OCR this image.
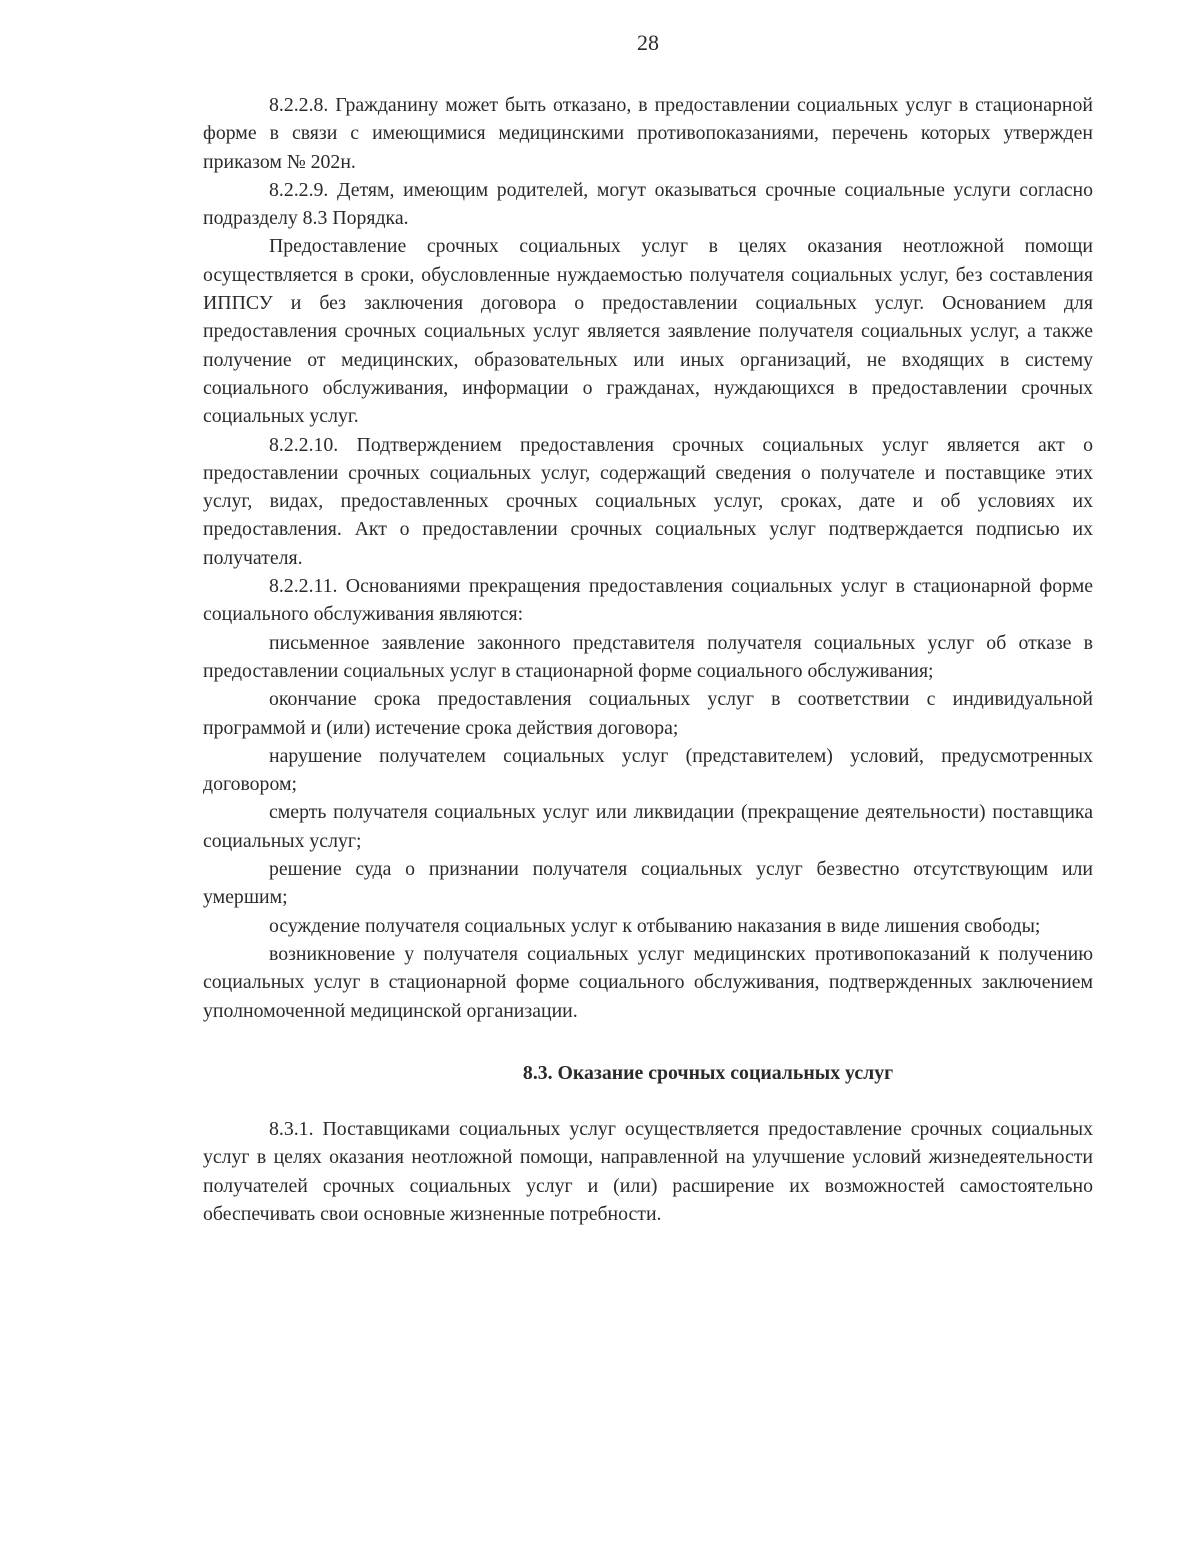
28

8.2.2.8. Гражданину может быть отказано, в предоставлении социальных услуг в стационарной форме в связи с имеющимися медицинскими противопоказаниями, перечень которых утвержден приказом № 202н.

8.2.2.9. Детям, имеющим родителей, могут оказываться срочные социальные услуги согласно подразделу 8.3 Порядка.

Предоставление срочных социальных услуг в целях оказания неотложной помощи осуществляется в сроки, обусловленные нуждаемостью получателя социальных услуг, без составления ИППСУ и без заключения договора о предоставлении социальных услуг. Основанием для предоставления срочных социальных услуг является заявление получателя социальных услуг, а также получение от медицинских, образовательных или иных организаций, не входящих в систему социального обслуживания, информации о гражданах, нуждающихся в предоставлении срочных социальных услуг.

8.2.2.10. Подтверждением предоставления срочных социальных услуг является акт о предоставлении срочных социальных услуг, содержащий сведения о получателе и поставщике этих услуг, видах, предоставленных срочных социальных услуг, сроках, дате и об условиях их предоставления. Акт о предоставлении срочных социальных услуг подтверждается подписью их получателя.

8.2.2.11. Основаниями прекращения предоставления социальных услуг в стационарной форме социального обслуживания являются:

письменное заявление законного представителя получателя социальных услуг об отказе в предоставлении социальных услуг в стационарной форме социального обслуживания;

окончание срока предоставления социальных услуг в соответствии с индивидуальной программой и (или) истечение срока действия договора;

нарушение получателем социальных услуг (представителем) условий, предусмотренных договором;

смерть получателя социальных услуг или ликвидации (прекращение деятельности) поставщика социальных услуг;

решение суда о признании получателя социальных услуг безвестно отсутствующим или умершим;

осуждение получателя социальных услуг к отбыванию наказания в виде лишения свободы;

возникновение у получателя социальных услуг медицинских противопоказаний к получению социальных услуг в стационарной форме социального обслуживания, подтвержденных заключением уполномоченной медицинской организации.

8.3. Оказание срочных социальных услуг

8.3.1. Поставщиками социальных услуг осуществляется предоставление срочных социальных услуг в целях оказания неотложной помощи, направленной на улучшение условий жизнедеятельности получателей срочных социальных услуг и (или) расширение их возможностей самостоятельно обеспечивать свои основные жизненные потребности.
